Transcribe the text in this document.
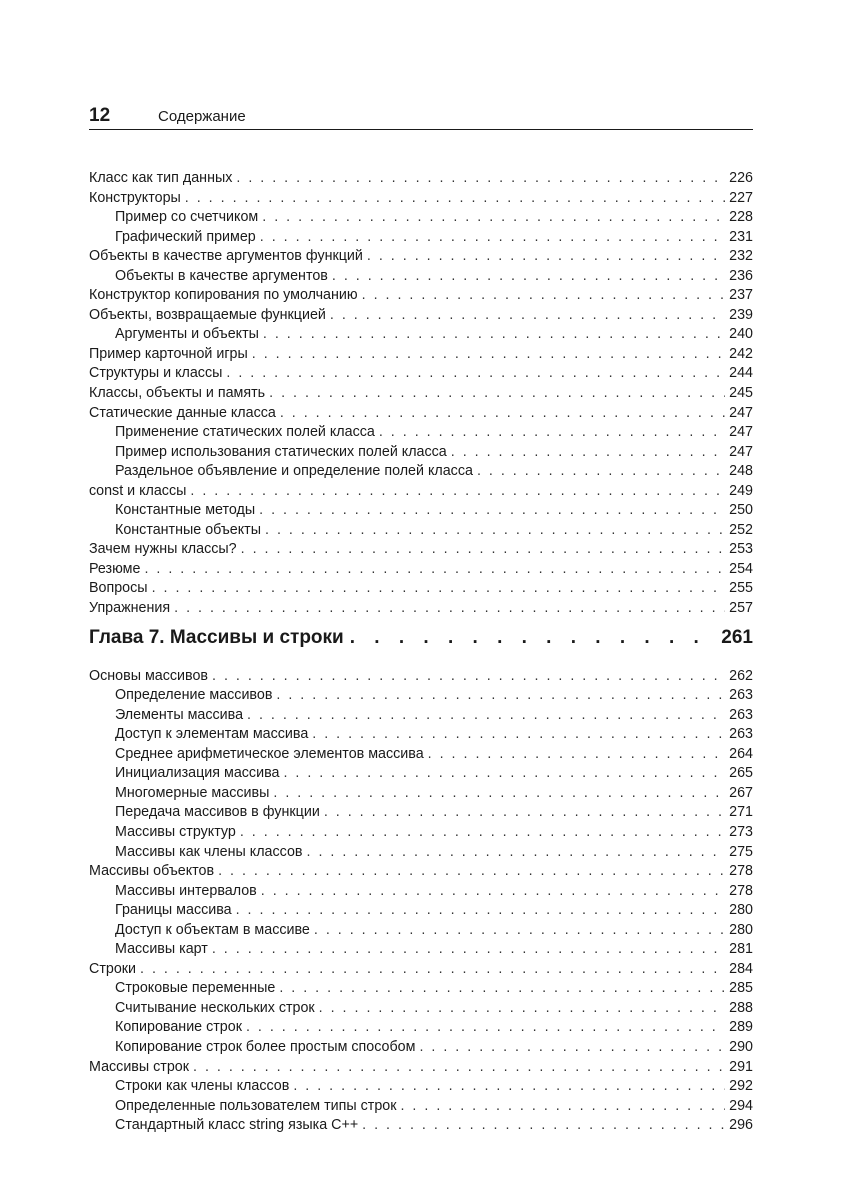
12	Содержание
Класс как тип данных . . .	226
Конструкторы . . .	227
Пример со счетчиком . . .	228
Графический пример . . .	231
Объекты в качестве аргументов функций . . .	232
Объекты в качестве аргументов . . .	236
Конструктор копирования по умолчанию . . .	237
Объекты, возвращаемые функцией . . .	239
Аргументы и объекты . . .	240
Пример карточной игры . . .	242
Структуры и классы . . .	244
Классы, объекты и память . . .	245
Статические данные класса . . .	247
Применение статических полей класса . . .	247
Пример использования статических полей класса . . .	247
Раздельное объявление и определение полей класса . . .	248
const и классы . . .	249
Константные методы . . .	250
Константные объекты . . .	252
Зачем нужны классы? . . .	253
Резюме . . .	254
Вопросы . . .	255
Упражнения . . .	257
Глава 7. Массивы и строки . . .	261
Основы массивов . . .	262
Определение массивов . . .	263
Элементы массива . . .	263
Доступ к элементам массива . . .	263
Среднее арифметическое элементов массива . . .	264
Инициализация массива . . .	265
Многомерные массивы . . .	267
Передача массивов в функции . . .	271
Массивы структур . . .	273
Массивы как члены классов . . .	275
Массивы объектов . . .	278
Массивы интервалов . . .	278
Границы массива . . .	280
Доступ к объектам в массиве . . .	280
Массивы карт . . .	281
Строки . . .	284
Строковые переменные . . .	285
Считывание нескольких строк . . .	288
Копирование строк . . .	289
Копирование строк более простым способом . . .	290
Массивы строк . . .	291
Строки как члены классов . . .	292
Определенные пользователем типы строк . . .	294
Стандартный класс string языка C++ . . .	296
